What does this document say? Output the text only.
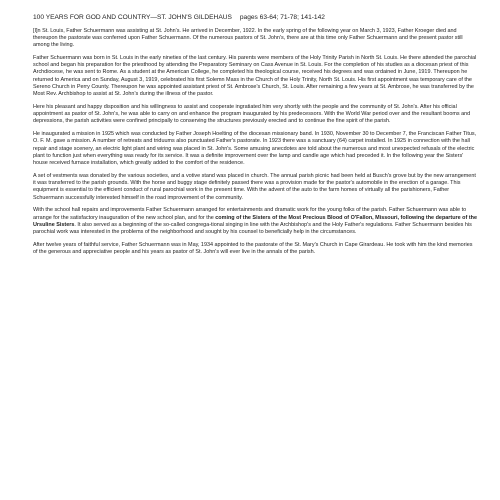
100 YEARS FOR GOD AND COUNTRY—ST. JOHN'S GILDEHAUS pages 63-64; 71-78; 141-142

[I]n St. Louis, Father Schuermann was assisting at St. John's. He arrived in December, 1922. In the early spring of the following year on March 3, 1923, Father Kroeger died and thereupon the pastorate was conferred upon Father Schuermann. Of the numerous pastors of St. John's, there are at this time only Father Schuermann and the present pastor still among the living.

Father Schuermann was born in St. Louis in the early nineties of the last century. His parents were members of the Holy Trinity Parish in North St. Louis. He there attended the parochial school and began his preparation for the priesthood by attending the Preparatory Seminary on Cass Avenue in St. Louis. For the completion of his studies as a diocesan priest of this Archdiocese, he was sent to Rome. As a student at the American College, he completed his theological course, received his degrees and was ordained in June, 1919. Thereupon he returned to America and on Sunday, August 3, 1919, celebrated his first Solemn Mass in the Church of the Holy Trinity, North St. Louis. His first appointment was temporary care of the Sereno Church in Perry County. Thereupon he was appointed assistant priest of St. Ambrose's Church, St. Louis. After remaining a few years at St. Ambrose, he was transferred by the Most Rev. Archbishop to assist at St. John's during the illness of the pastor.

Here his pleasant and happy disposition and his willingness to assist and cooperate ingratiated him very shortly with the people and the community of St. John's. After his official appointment as pastor of St. John's, he was able to carry on and enhance the program inaugurated by his predecessors. With the World War period over and the resultant booms and depressions, the parish activities were confined principally to conserving the structures previously erected and to continue the fine spirit of the parish.

He inaugurated a mission in 1925 which was conducted by Father Joseph Hoelting of the diocesan missionary band. In 1930, November 30 to December 7, the Franciscan Father Titus, O. F. M. gave a mission. A number of retreats and triduums also punctuated Father's pastorate. In 1923 there was a sanctuary (64) carpet installed. In 1925 in connection with the hall repair and stage scenery, an electric light plant and wiring was placed in St. John's. Some amusing anecdotes are told about the numerous and most unexpected refusals of the electric plant to function just when everything was ready for its service. It was a definite improvement over the lamp and candle age which had preceded it. In the following year the Sisters' house received furnace installation, which greatly added to the comfort of the residence.

A set of vestments was donated by the various societies, and a votive stand was placed in church. The annual parish picnic had been held at Busch's grove but by the new arrangement it was transferred to the parish grounds. With the horse and buggy stage definitely passed there was a provision made for the pastor's automobile in the erection of a garage. This equipment is essential to the efficient conduct of rural parochial work in the present time. With the advent of the auto to the farm homes of virtually all the parishioners, Father Schuermann successfully interested himself in the road improvement of the community.

With the school hall repairs and improvements Father Schuermann arranged for entertainments and dramatic work for the young folks of the parish. Father Schuermann was able to arrange for the satisfactory inauguration of the new school plan, and for the coming of the Sisters of the Most Precious Blood of O'Fallon, Missouri, following the departure of the Ursuline Sisters. It also served as a beginning of the so-called congrega-tional singing in line with the Archbishop's and the Holy Father's regulations. Father Schuermann besides his parochial work was interested in the problems of the neighborhood and sought by his counsel to beneficially help in the circumstances.

After twelve years of faithful service, Father Schuermann was in May, 1934 appointed to the pastorate of the St. Mary's Church in Cape Girardeau. He took with him the kind memories of the generous and appreciative people and his years as pastor of St. John's will ever live in the annals of the parish.
